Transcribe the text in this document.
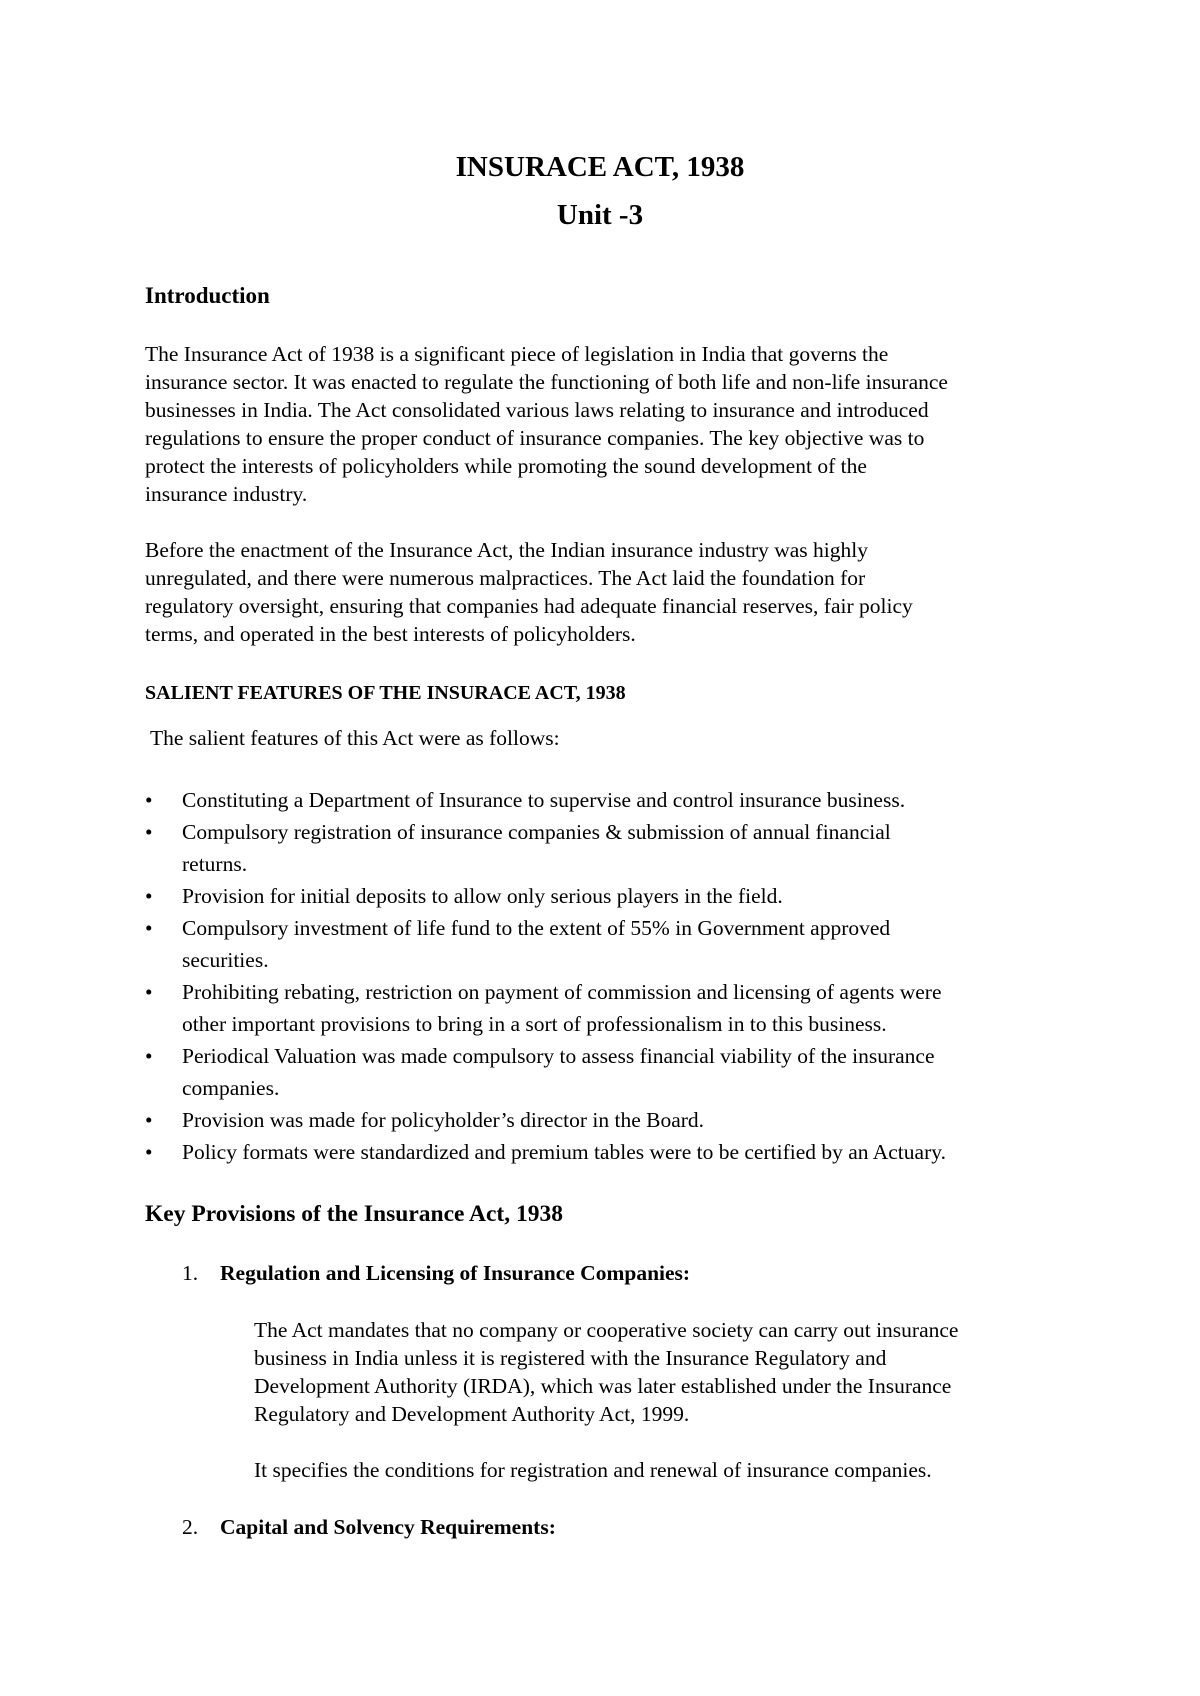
INSURACE ACT, 1938
Unit -3
Introduction
The Insurance Act of 1938 is a significant piece of legislation in India that governs the
insurance sector. It was enacted to regulate the functioning of both life and non-life insurance
businesses in India. The Act consolidated various laws relating to insurance and introduced
regulations to ensure the proper conduct of insurance companies. The key objective was to
protect the interests of policyholders while promoting the sound development of the
insurance industry.
Before the enactment of the Insurance Act, the Indian insurance industry was highly
unregulated, and there were numerous malpractices. The Act laid the foundation for
regulatory oversight, ensuring that companies had adequate financial reserves, fair policy
terms, and operated in the best interests of policyholders.
SALIENT FEATURES OF THE INSURACE ACT, 1938

The salient features of this Act were as follows:

•	Constituting a Department of Insurance to supervise and control insurance business.
•	Compulsory registration of insurance companies & submission of annual financial
returns.
•	Provision for initial deposits to allow only serious players in the field.
•	Compulsory investment of life fund to the extent of 55% in Government approved
securities.
•	Prohibiting rebating, restriction on payment of commission and licensing of agents were
other important provisions to bring in a sort of professionalism in to this business.
•	Periodical Valuation was made compulsory to assess financial viability of the insurance
companies.
•	Provision was made for policyholder’s director in the Board.
•	Policy formats were standardized and premium tables were to be certified by an Actuary.
Key Provisions of the Insurance Act, 1938
1. Regulation and Licensing of Insurance Companies:
The Act mandates that no company or cooperative society can carry out insurance
business in India unless it is registered with the Insurance Regulatory and
Development Authority (IRDA), which was later established under the Insurance
Regulatory and Development Authority Act, 1999.

It specifies the conditions for registration and renewal of insurance companies.

2. Capital and Solvency Requirements:
